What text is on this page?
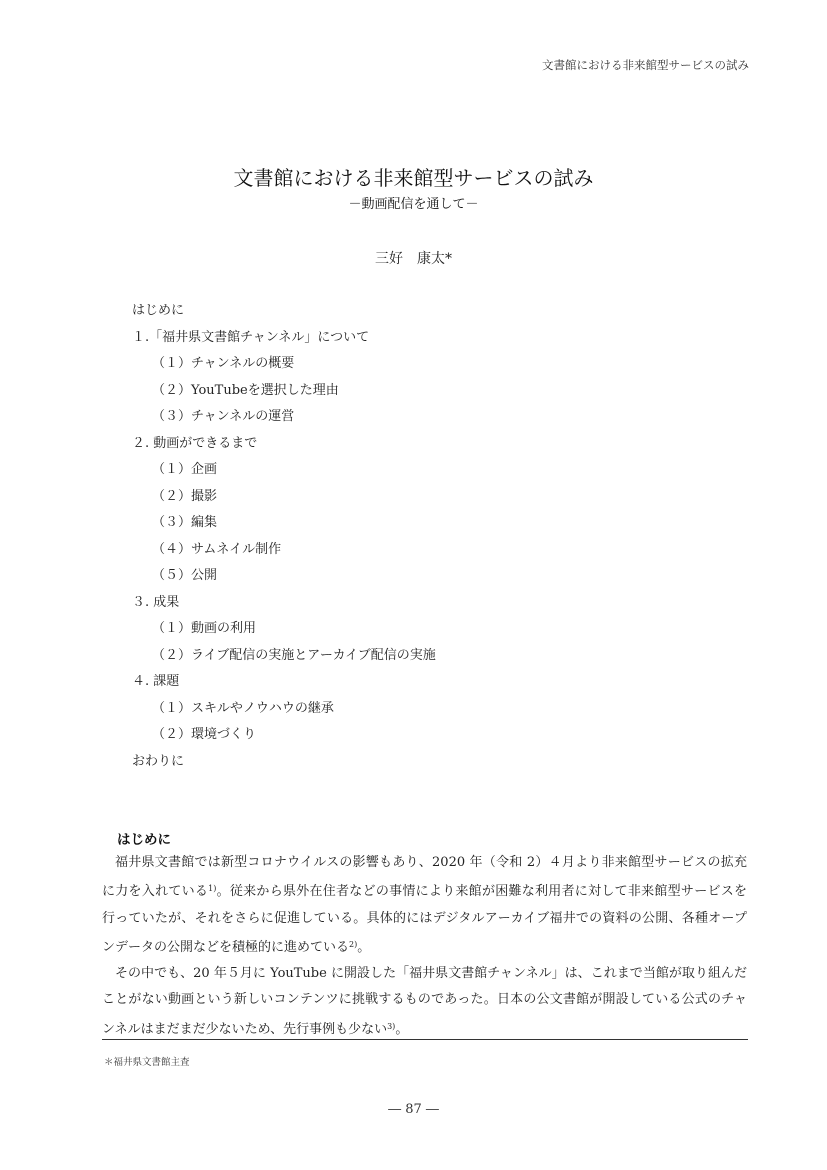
文書館における非来館型サービスの試み
文書館における非来館型サービスの試み
－動画配信を通して－
三好　康太*
はじめに
１.「福井県文書館チャンネル」について
（１）チャンネルの概要
（２）YouTubeを選択した理由
（３）チャンネルの運営
２. 動画ができるまで
（１）企画
（２）撮影
（３）編集
（４）サムネイル制作
（５）公開
３. 成果
（１）動画の利用
（２）ライブ配信の実施とアーカイブ配信の実施
４. 課題
（１）スキルやノウハウの継承
（２）環境づくり
おわりに
はじめに

福井県文書館では新型コロナウイルスの影響もあり、2020 年（令和 2）４月より非来館型サービスの拡充に力を入れている$^{1)}$。従来から県外在住者などの事情により来館が困難な利用者に対して非来館型サービスを行っていたが、それをさらに促進している。具体的にはデジタルアーカイブ福井での資料の公開、各種オープンデータの公開などを積極的に進めている$^{2)}$。

その中でも、20 年５月に YouTube に開設した「福井県文書館チャンネル」は、これまで当館が取り組んだことがない動画という新しいコンテンツに挑戦するものであった。日本の公文書館が開設している公式のチャンネルはまだまだ少ないため、先行事例も少ない$^{3)}$。

＊福井県文書館主査
― 87 ―
